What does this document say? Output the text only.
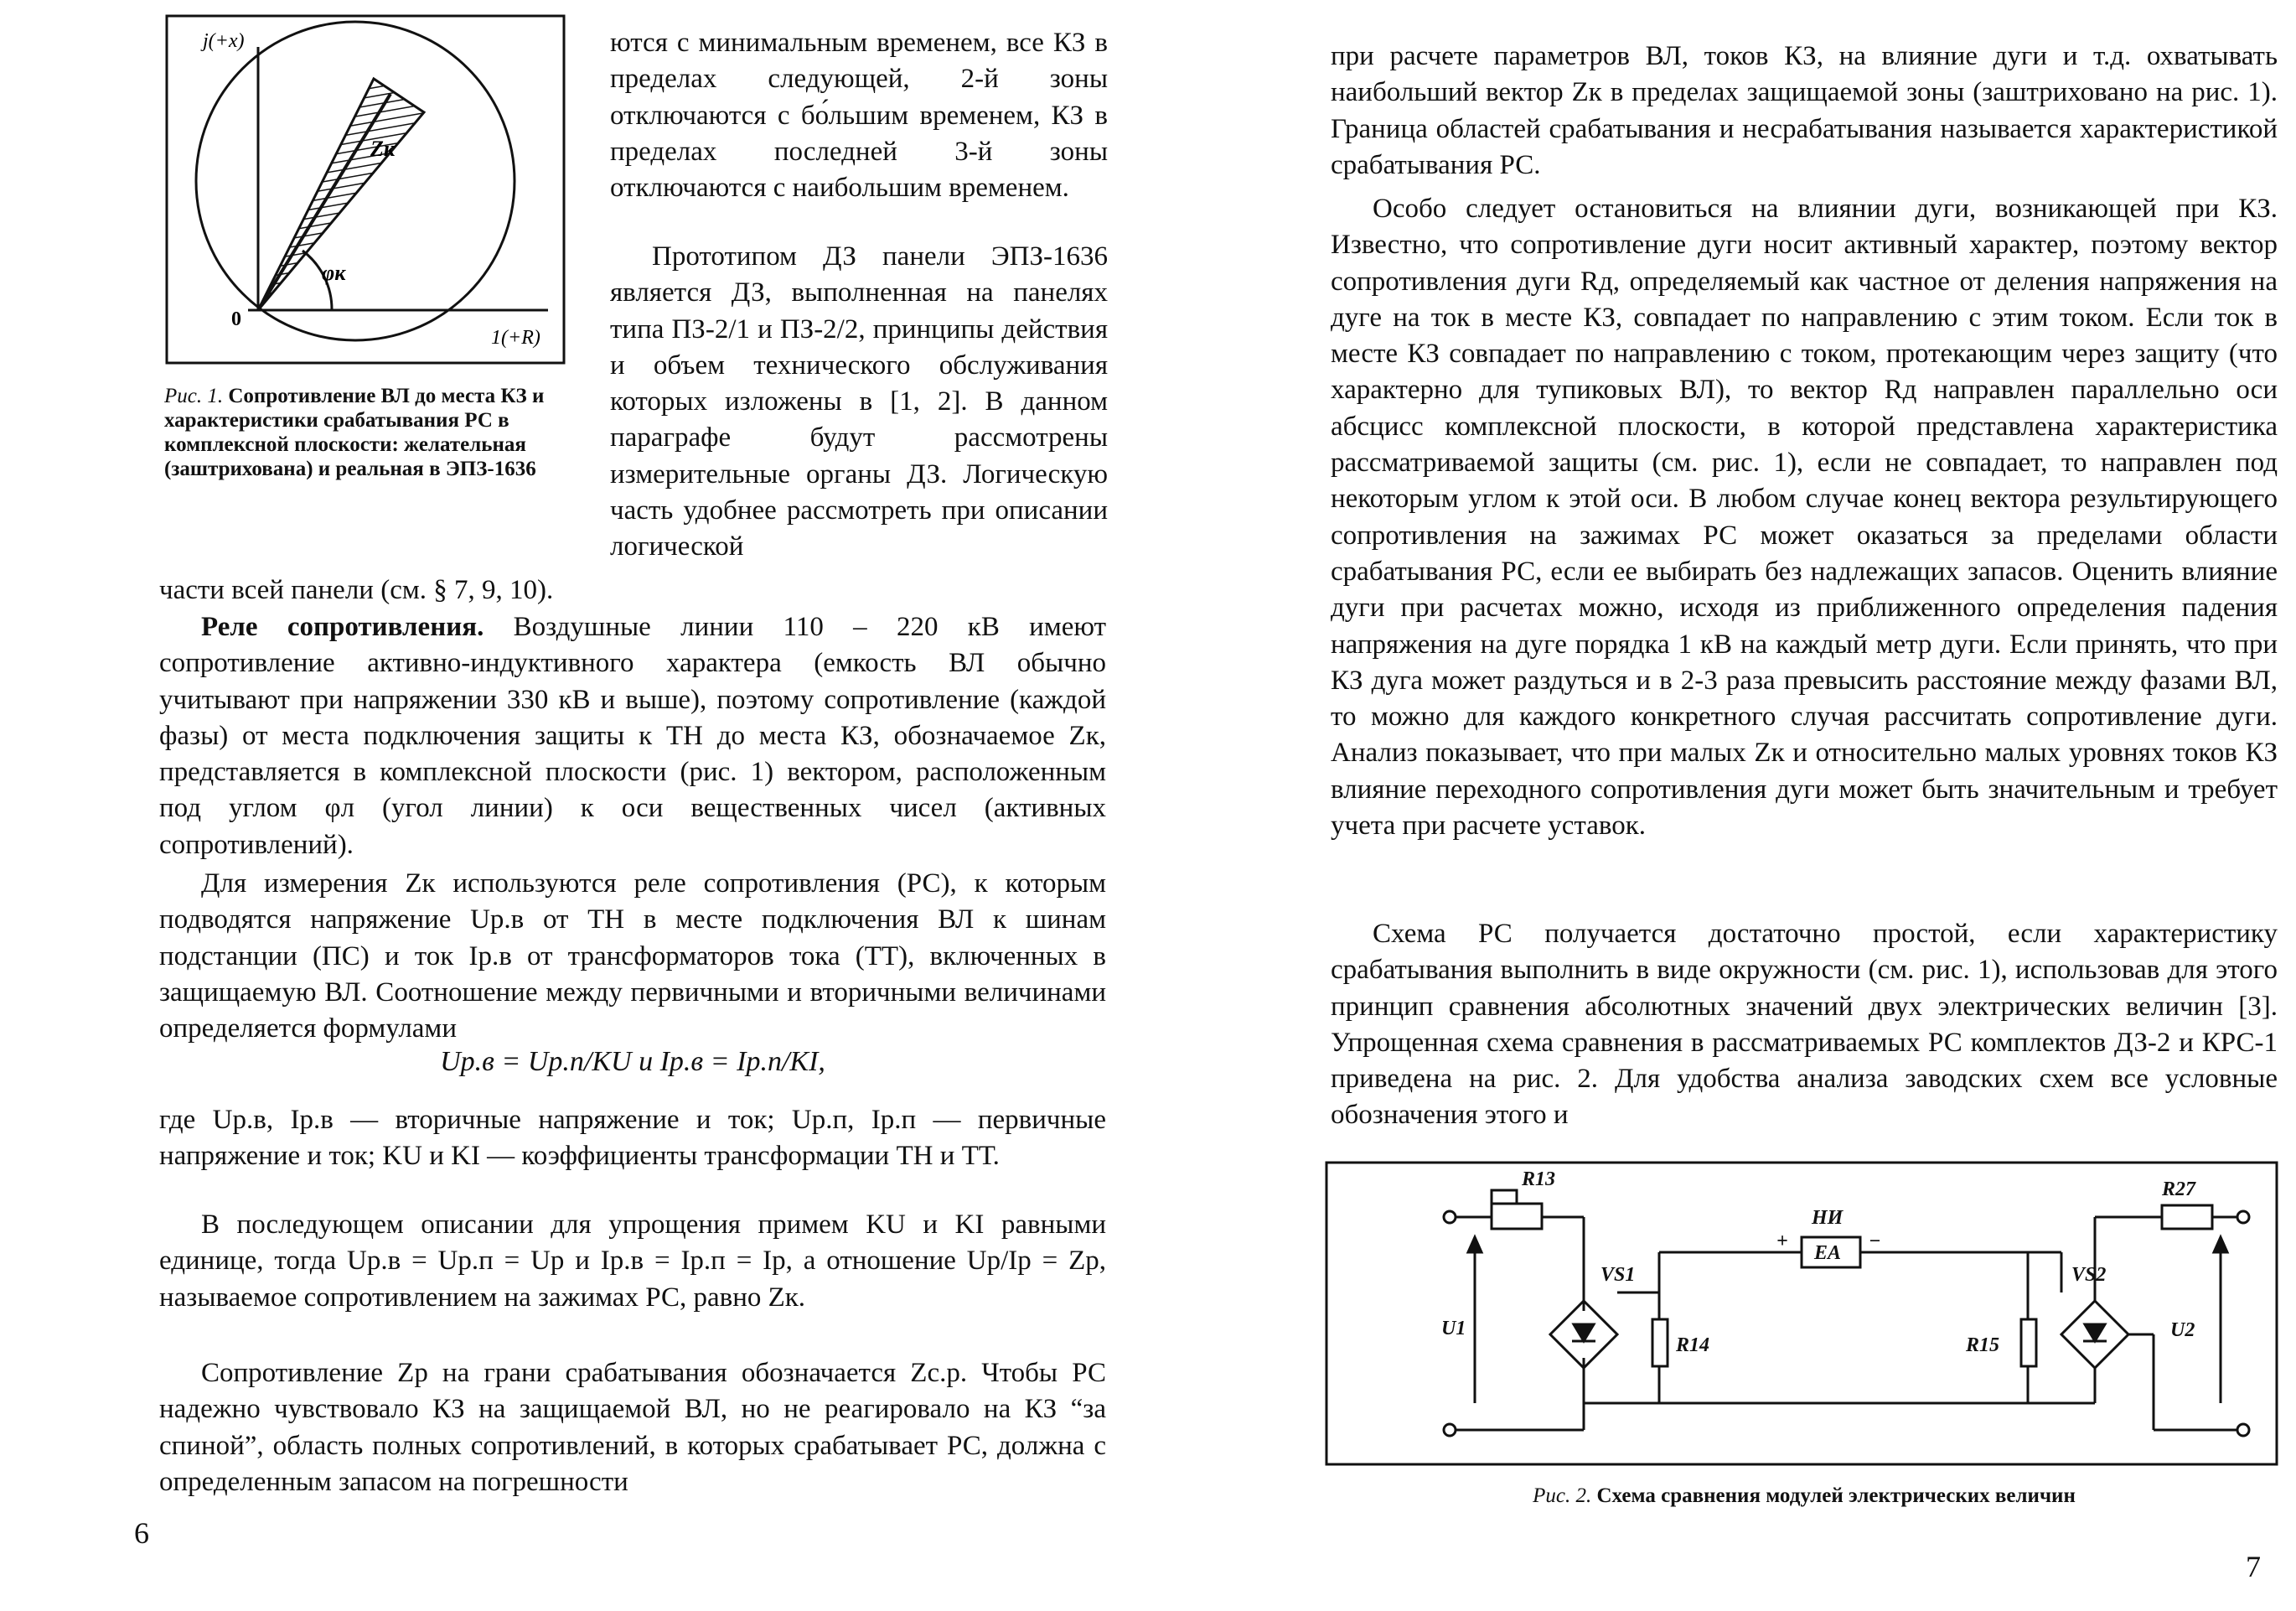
j(+x)
1(+R)
0
Zк
φк

Рис. 1. Сопротивление ВЛ до места КЗ и характеристики срабатывания РС в комплексной плоскости: желательная (заштрихована) и реальная в ЭПЗ-1636

ются с минимальным временем, все КЗ в пределах следующей, 2-й зоны отключаются с бо́льшим временем, КЗ в пределах последней 3-й зоны отключаются с наибольшим временем.

Прототипом ДЗ панели ЭПЗ-1636 является ДЗ, выполненная на панелях типа ПЗ-2/1 и ПЗ-2/2, принципы действия и объем технического обслуживания которых изложены в [1, 2]. В данном параграфе будут рассмотрены измерительные органы ДЗ. Логическую часть удобнее рассмотреть при описании логической

части всей панели (см. § 7, 9, 10).

Реле сопротивления. Воздушные линии 110 – 220 кВ имеют сопротивление активно-индуктивного характера (емкость ВЛ обычно учитывают при напряжении 330 кВ и выше), поэтому сопротивление (каждой фазы) от места подключения защиты к ТН до места КЗ, обозначаемое Zк, представляется в комплексной плоскости (рис. 1) вектором, расположенным под углом φл (угол линии) к оси вещественных чисел (активных сопротивлений).

Для измерения Zк используются реле сопротивления (РС), к которым подводятся напряжение Uр.в от ТН в месте подключения ВЛ к шинам подстанции (ПС) и ток Iр.в от трансформаторов тока (ТТ), включенных в защищаемую ВЛ. Соотношение между первичными и вторичными величинами определяется формулами

Uр.в = Uр.п/KU и Iр.в = Iр.п/KI,

где Uр.в, Iр.в — вторичные напряжение и ток; Uр.п, Iр.п — первичные напряжение и ток; KU и KI — коэффициенты трансформации ТН и ТТ.

В последующем описании для упрощения примем KU и KI равными единице, тогда Uр.в = Uр.п = Uр и Iр.в = Iр.п = Iр, а отношение Uр/Iр = Zр, называемое сопротивлением на зажимах РС, равно Zк.

Сопротивление Zр на грани срабатывания обозначается Zс.р. Чтобы РС надежно чувствовало КЗ на защищаемой ВЛ, но не реагировало на КЗ “за спиной”, область полных сопротивлений, в которых срабатывает РС, должна с определенным запасом на погрешности

6

при расчете параметров ВЛ, токов КЗ, на влияние дуги и т.д. охватывать наибольший вектор Zк в пределах защищаемой зоны (заштриховано на рис. 1). Граница областей срабатывания и несрабатывания называется характеристикой срабатывания РС.

Особо следует остановиться на влиянии дуги, возникающей при КЗ. Известно, что сопротивление дуги носит активный характер, поэтому вектор сопротивления дуги Rд, определяемый как частное от деления напряжения на дуге на ток в месте КЗ, совпадает по направлению с этим током. Если ток в месте КЗ совпадает по направлению с током, протекающим через защиту (что характерно для тупиковых ВЛ), то вектор Rд направлен параллельно оси абсцисс комплексной плоскости, в которой представлена характеристика рассматриваемой защиты (см. рис. 1), если не совпадает, то направлен под некоторым углом к этой оси. В любом случае конец вектора результирующего сопротивления на зажимах РС может оказаться за пределами области срабатывания РС, если ее выбирать без надлежащих запасов. Оценить влияние дуги при расчетах можно, исходя из приближенного определения падения напряжения на дуге порядка 1 кВ на каждый метр дуги. Если принять, что при КЗ дуга может раздуться и в 2-3 раза превысить расстояние между фазами ВЛ, то можно для каждого конкретного случая рассчитать сопротивление дуги. Анализ показывает, что при малых Zк и относительно малых уровнях токов КЗ влияние переходного сопротивления дуги может быть значительным и требует учета при расчете уставок.

Схема РС получается достаточно простой, если характеристику срабатывания выполнить в виде окружности (см. рис. 1), использовав для этого принцип сравнения абсолютных значений двух электрических величин [3]. Упрощенная схема сравнения в рассматриваемых РС комплектов ДЗ-2 и КРС-1 приведена на рис. 2. Для удобства анализа заводских схем все условные обозначения этого и

R13	R27
R14	R15
VS1	VS2
НИ
EA
+	−
U1	U2

Рис. 2. Схема сравнения модулей электрических величин

7
